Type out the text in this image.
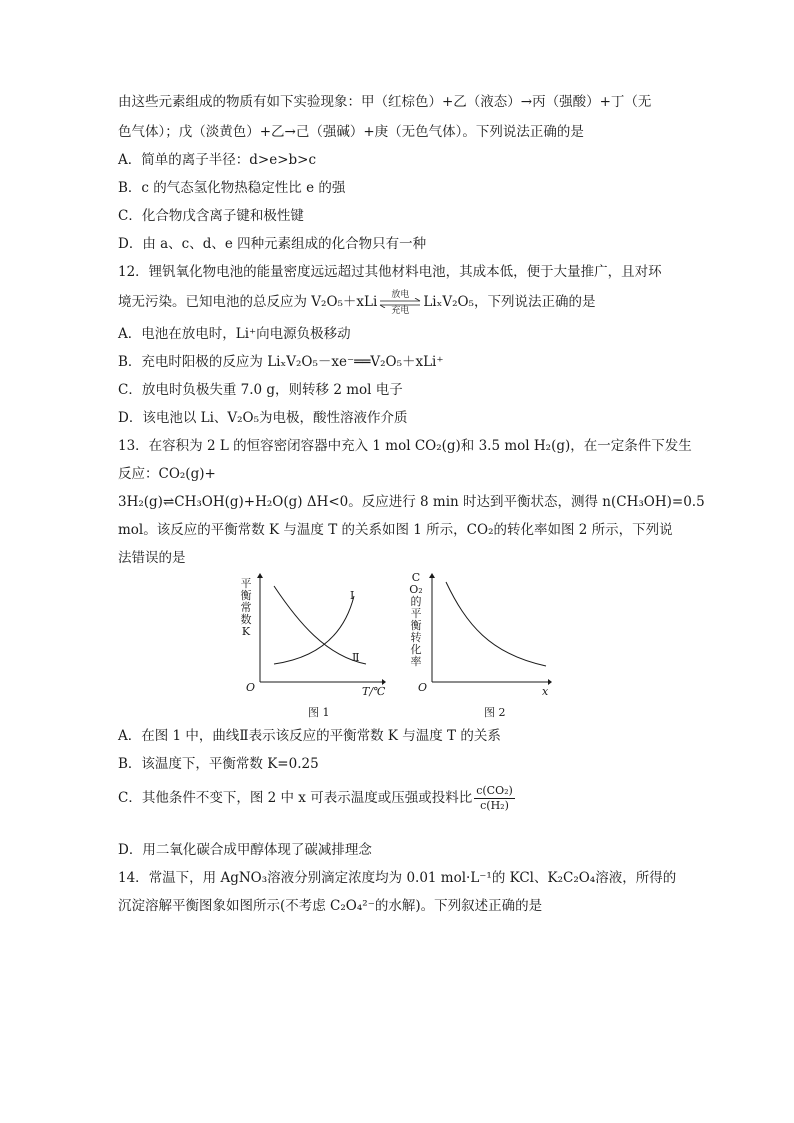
由这些元素组成的物质有如下实验现象：甲（红棕色）+乙（液态）→丙（强酸）+丁（无
色气体）；戊（淡黄色）+乙→己（强碱）+庚（无色气体）。下列说法正确的是
A．简单的离子半径：d>e>b>c
B．c 的气态氢化物热稳定性比 e 的强
C．化合物戊含离子键和极性键
D．由 a、c、d、e 四种元素组成的化合物只有一种
12．锂钒氧化物电池的能量密度远远超过其他材料电池，其成本低，便于大量推广，且对环
境无污染。已知电池的总反应为 V₂O₅＋xLi	放电
充电
LiₓV₂O₅，下列说法正确的是
A．电池在放电时，Li⁺向电源负极移动
B．充电时阳极的反应为 LiₓV₂O₅－xe⁻══V₂O₅＋xLi⁺
C．放电时负极失重 7.0 g，则转移 2 mol 电子
D．该电池以 Li、V₂O₅为电极，酸性溶液作介质
13．在容积为 2 L 的恒容密闭容器中充入 1 mol CO₂(g)和 3.5 mol H₂(g)，在一定条件下发生
反应：CO₂(g)+
3H₂(g)⇌CH₃OH(g)+H₂O(g) ΔH<0。反应进行 8 min 时达到平衡状态，测得 n(CH₃OH)=0.5
mol。该反应的平衡常数 K 与温度 T 的关系如图 1 所示，CO₂的转化率如图 2 所示，下列说
法错误的是
平衡常数K
Ⅰ
Ⅱ
O	T/℃
图 1
CO₂的平衡转化率
O	x
图 2
A．在图 1 中，曲线Ⅱ表示该反应的平衡常数 K 与温度 T 的关系
B．该温度下，平衡常数 K=0.25
C．其他条件不变下，图 2 中 x 可表示温度或压强或投料比 $\frac{\text{c(CO₂)}}{\text{c(H₂)}}$
D．用二氧化碳合成甲醇体现了碳减排理念
14．常温下，用 AgNO₃溶液分别滴定浓度均为 0.01 mol·L⁻¹的 KCl、K₂C₂O₄溶液，所得的
沉淀溶解平衡图象如图所示(不考虑 C₂O₄²⁻的水解)。下列叙述正确的是
